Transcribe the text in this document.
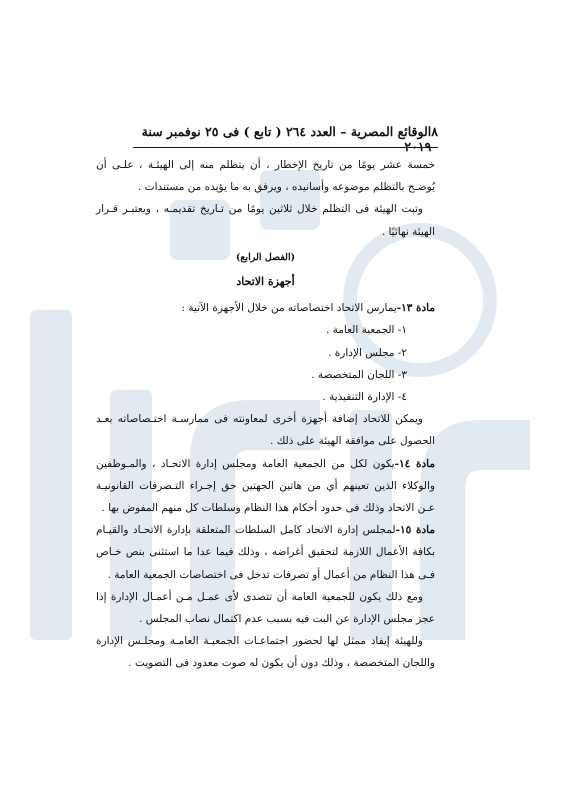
٨
الوقائع المصرية – العدد ٢٦٤ ( تابع ) فى ٢٥ نوفمبر سنة ٢٠١٩

خمسة عشر يومًا من تاريخ الإخطار ، أن يتظلم منه إلى الهيئـة ، علـى أن يُوضـح بالتظلم موضوعه وأسانيده ، ويرفق به ما يؤيده من مستندات .

وتبت الهيئة فى التظلم خلال ثلاثين يومًا من تـاريخ تقديمـه ، ويعتبـر قـرار الهيئة نهائيًا .

(الفصل الرابع)

أجهزة الاتحاد

مادة ١٣-يمارس الاتحاد اختصاصاته من خلال الأجهزة الآتية :

١- الجمعية العامة .

٢- مجلس الإدارة .

٣- اللجان المتخصصة .

٤- الإدارة التنفيذية .

ويمكن للاتحاد إضافة أجهزة أخرى لمعاونته فى ممارسـة اختـصاصاته بعـد الحصول على موافقة الهيئة على ذلك .

مادة ١٤-يكون لكل من الجمعية العامة ومجلس إدارة الاتحـاد ، والمـوظفين والوكلاء الذين تعينهم أي من هاتين الجهتين حق إجـراء التـصرفات القانونيـة عـن الاتحاد وذلك فى حدود أحكام هذا النظام وسلطات كل منهم المفوض بها .

مادة ١٥-لمجلس إدارة الاتحاد كامل السلطات المتعلقة بإدارة الاتحـاد والقيـام بكافة الأعمال اللازمة لتحقيق أغراضه ، وذلك فيما عدا ما استثنى بنص خـاص فـى هذا النظام من أعمال أو تصرفات تدخل فى اختصاصات الجمعية العامة .

ومع ذلك يكون للجمعية العامة أن تتصدى لأى عمـل مـن أعمـال الإدارة إذا عجز مجلس الإدارة عن البت فيه بسبب عدم اكتمال نصاب المجلس .

وللهيئة إيفاد ممثل لها لحضور اجتماعـات الجمعيـة العامـة ومجلـس الإدارة واللجان المتخصصة ، وذلك دون أن يكون له صوت معدود فى التصويت .
